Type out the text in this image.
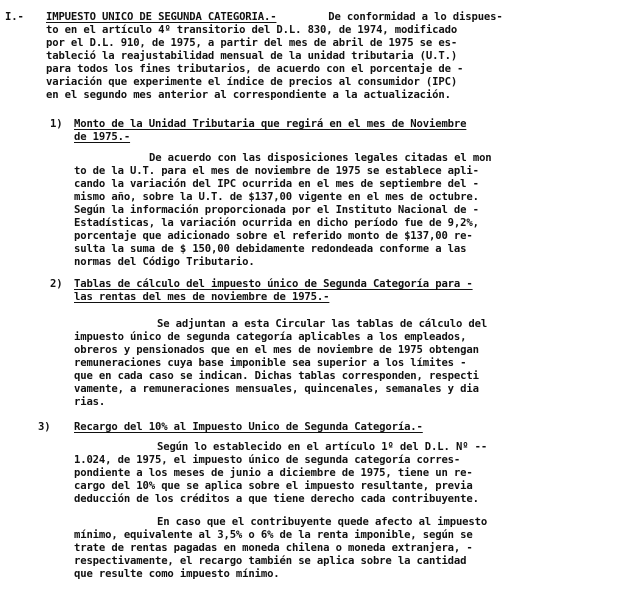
I.- IMPUESTO UNICO DE SEGUNDA CATEGORIA.-	De conformidad a lo dispues-
to en el artículo 4º transitorio del D.L. 830, de 1974, modificado
por el D.L. 910, de 1975, a partir del mes de abril de 1975 se es-
tableció la reajustabilidad mensual de la unidad tributaria (U.T.)
para todos los fines tributarios, de acuerdo con el porcentaje de -
variación que experimente el índice de precios al consumidor (IPC)
en el segundo mes anterior al correspondiente a la actualización.
1) Monto de la Unidad Tributaria que regirá en el mes de Noviembre
de 1975.-
De acuerdo con las disposiciones legales citadas el mon
to de la U.T. para el mes de noviembre de 1975 se establece apli-
cando la variación del IPC ocurrida en el mes de septiembre del -
mismo año, sobre la U.T. de $137,00 vigente en el mes de octubre.
Según la información proporcionada por el Instituto Nacional de -
Estadísticas, la variación ocurrida en dicho período fue de 9,2%,
porcentaje que adicionado sobre el referido monto de $137,00 re-
sulta la suma de $ 150,00 debidamente redondeada conforme a las
normas del Código Tributario.
2) Tablas de cálculo del impuesto único de Segunda Categoría para -
las rentas del mes de noviembre de 1975.-
Se adjuntan a esta Circular las tablas de cálculo del
impuesto único de segunda categoría aplicables a los empleados,
obreros y pensionados que en el mes de noviembre de 1975 obtengan
remuneraciones cuya base imponible sea superior a los límites -
que en cada caso se indican. Dichas tablas corresponden, respecti
vamente, a remuneraciones mensuales, quincenales, semanales y dia
rias.
3) Recargo del 10% al Impuesto Unico de Segunda Categoría.-
Según lo establecido en el artículo 1º del D.L. Nº --
1.024, de 1975, el impuesto único de segunda categoría corres-
pondiente a los meses de junio a diciembre de 1975, tiene un re-
cargo del 10% que se aplica sobre el impuesto resultante, previa
deducción de los créditos a que tiene derecho cada contribuyente.
En caso que el contribuyente quede afecto al impuesto
mínimo, equivalente al 3,5% o 6% de la renta imponible, según se
trate de rentas pagadas en moneda chilena o moneda extranjera, -
respectivamente, el recargo también se aplica sobre la cantidad
que resulte como impuesto mínimo.
